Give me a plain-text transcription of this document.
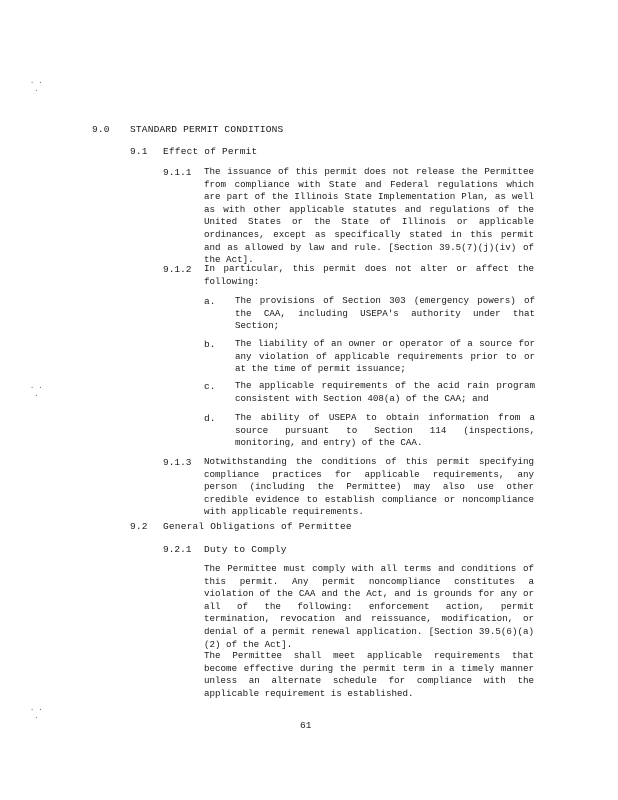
. .
.
. .
.
. .
.
9.0 STANDARD PERMIT CONDITIONS
9.1 Effect of Permit
9.1.1 The issuance of this permit does not release the Permittee from compliance with State and Federal regulations which are part of the Illinois State Implementation Plan, as well as with other applicable statutes and regulations of the United States or the State of Illinois or applicable ordinances, except as specifically stated in this permit and as allowed by law and rule. [Section 39.5(7)(j)(iv) of the Act].
9.1.2 In particular, this permit does not alter or affect the following:
a. The provisions of Section 303 (emergency powers) of the CAA, including USEPA's authority under that Section;
b. The liability of an owner or operator of a source for any violation of applicable requirements prior to or at the time of permit issuance;
c. The applicable requirements of the acid rain program consistent with Section 408(a) of the CAA; and
d. The ability of USEPA to obtain information from a source pursuant to Section 114 (inspections, monitoring, and entry) of the CAA.
9.1.3 Notwithstanding the conditions of this permit specifying compliance practices for applicable requirements, any person (including the Permittee) may also use other credible evidence to establish compliance or noncompliance with applicable requirements.
9.2 General Obligations of Permittee
9.2.1 Duty to Comply
The Permittee must comply with all terms and conditions of this permit. Any permit noncompliance constitutes a violation of the CAA and the Act, and is grounds for any or all of the following: enforcement action, permit termination, revocation and reissuance, modification, or denial of a permit renewal application. [Section 39.5(6)(a)(2) of the Act].
The Permittee shall meet applicable requirements that become effective during the permit term in a timely manner unless an alternate schedule for compliance with the applicable requirement is established.
61
